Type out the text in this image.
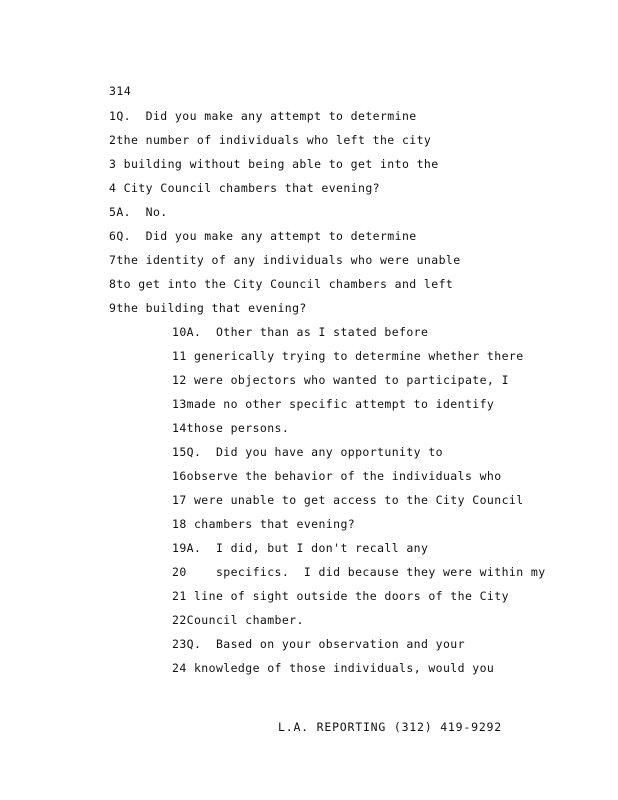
314
1Q.  Did you make any attempt to determine
2the number of individuals who left the city
3 building without being able to get into the
4 City Council chambers that evening?
5A.  No.
6Q.  Did you make any attempt to determine
7the identity of any individuals who were unable
8to get into the City Council chambers and left
9the building that evening?
10A.  Other than as I stated before
11 generically trying to determine whether there
12 were objectors who wanted to participate, I
13made no other specific attempt to identify
14those persons.
15Q.  Did you have any opportunity to
16observe the behavior of the individuals who
17 were unable to get access to the City Council
18 chambers that evening?
19A.  I did, but I don't recall any
20	specifics.  I did because they were within my
21 line of sight outside the doors of the City
22Council chamber.
23Q.  Based on your observation and your
24 knowledge of those individuals, would you
L.A. REPORTING (312) 419-9292
